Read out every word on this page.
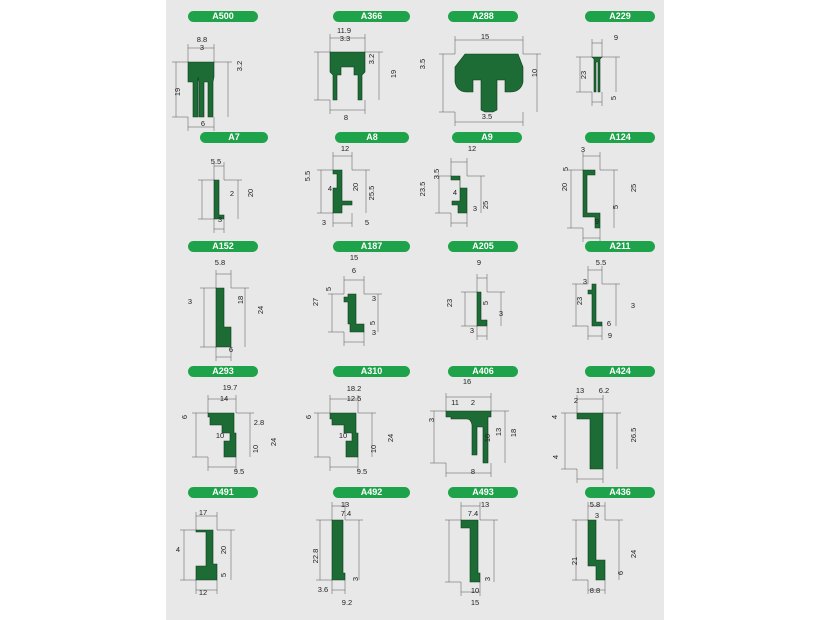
A500
8.8
3
3.2
19
6
A366
11.9
3.3
3.2
19
8
A288
15
3.5
10
3.5
A229
9
23
5
A7
5.5
2 20
3
A8
12
5.5
4	20 25.5
3	5
A9
12
3.5
23.5	4
3 25
A124
3
5
20	25
5
9
A152
5.8
3	18
24
6
A187
15
6
5
27	3
5
3
A205
9
23	5
3
3
A211
5.5
3
23	3
6
9
A293
19.7
14
6
2.8
10
24
10
9.5
A310
18.2
12.5
6
10	24
10
9.5
A406
16
11 2
3
10
13 18
8
A424
13 6.2
2
4
26.5
4
A491
17
4	20
5
12
A492
13
7.4
22.8
3
3.6
9.2
A493
13
7.4
3
10
15
A436
5.8
3
21
24
6
8.8
